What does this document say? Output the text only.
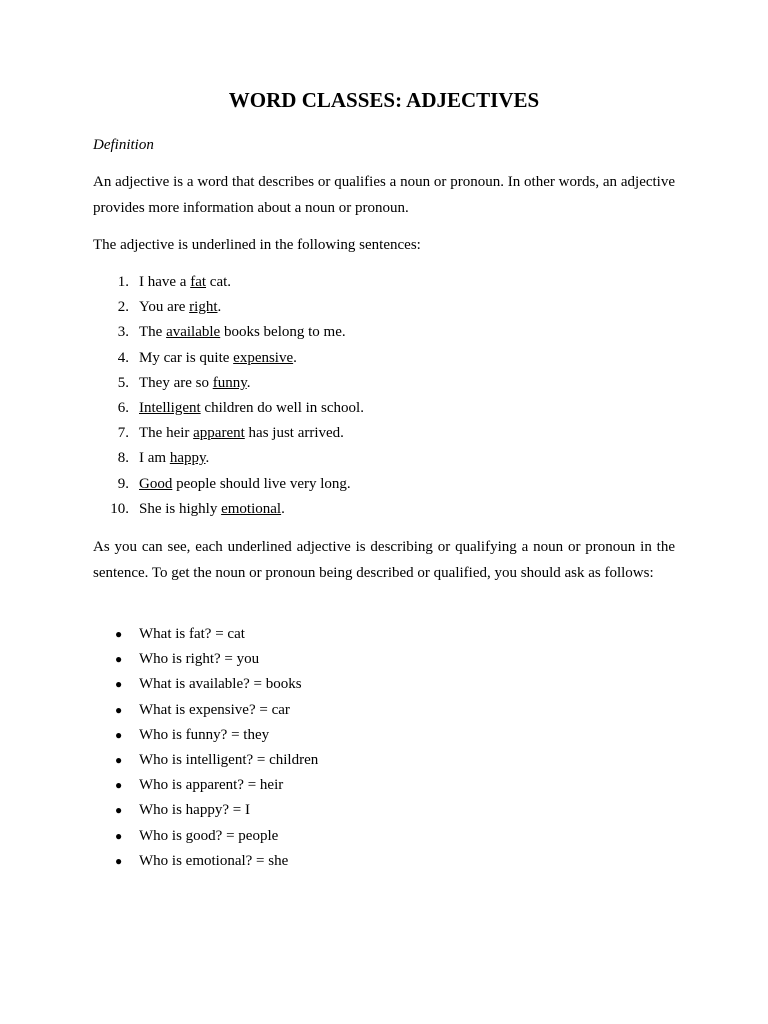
WORD CLASSES: ADJECTIVES

Definition

An adjective is a word that describes or qualifies a noun or pronoun. In other words, an adjective provides more information about a noun or pronoun.

The adjective is underlined in the following sentences:

1. I have a fat cat.
2. You are right.
3. The available books belong to me.
4. My car is quite expensive.
5. They are so funny.
6. Intelligent children do well in school.
7. The heir apparent has just arrived.
8. I am happy.
9. Good people should live very long.
10. She is highly emotional.

As you can see, each underlined adjective is describing or qualifying a noun or pronoun in the sentence. To get the noun or pronoun being described or qualified, you should ask as follows:

● What is fat? = cat
● Who is right? = you
● What is available? = books
● What is expensive? = car
● Who is funny? = they
● Who is intelligent? = children
● Who is apparent? = heir
● Who is happy? = I
● Who is good? = people
● Who is emotional? = she
